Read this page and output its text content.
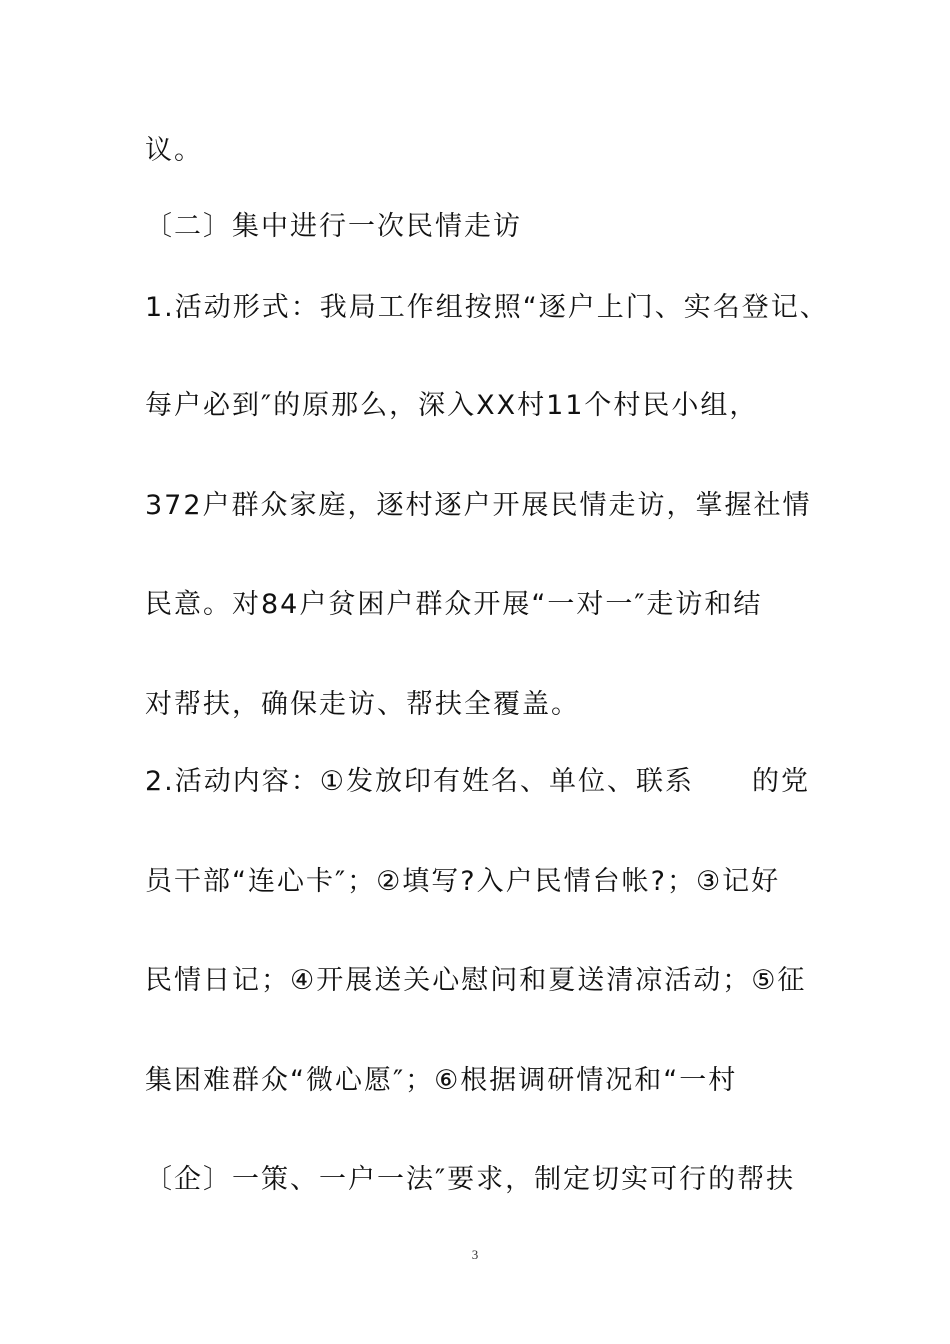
议。
〔二〕集中进行一次民情走访
1.活动形式：我局工作组按照“逐户上门、实名登记、
每户必到″的原那么，深入XX村11个村民小组，
372户群众家庭，逐村逐户开展民情走访，掌握社情
民意。对84户贫困户群众开展“一对一″走访和结
对帮扶，确保走访、帮扶全覆盖。
2.活动内容：①发放印有姓名、单位、联系　　的党
员干部“连心卡″；②填写?入户民情台帐?；③记好
民情日记；④开展送关心慰问和夏送清凉活动；⑤征
集困难群众“微心愿″；⑥根据调研情况和“一村
〔企〕一策、一户一法″要求，制定切实可行的帮扶
3
